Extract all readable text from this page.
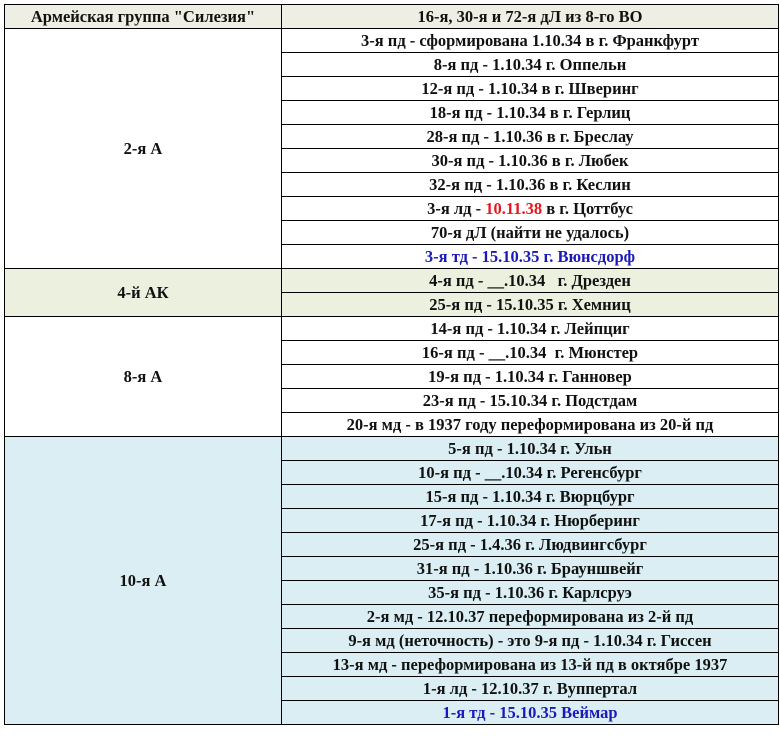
Армейская группа "Силезия"	16-я, 30-я и 72-я дЛ из 8-го ВО
2-я А	3-я пд - сформирована 1.10.34 в г. Франкфурт
	8-я пд - 1.10.34 г. Оппельн
	12-я пд - 1.10.34 в г. Шверинг
	18-я пд - 1.10.34 в г. Герлиц
	28-я пд - 1.10.36 в г. Бреслау
	30-я пд - 1.10.36 в г. Любек
	32-я пд - 1.10.36 в г. Кеслин
	3-я лд - 10.11.38 в г. Цоттбус
	70-я дЛ (найти не удалось)
	3-я тд - 15.10.35 г. Вюнсдорф
4-й АК	4-я пд - __.10.34   г. Дрезден
	25-я пд - 15.10.35 г. Хемниц
8-я А	14-я пд - 1.10.34 г. Лейпциг
	16-я пд - __.10.34  г. Мюнстер
	19-я пд - 1.10.34 г. Ганновер
	23-я пд - 15.10.34 г. Подстдам
	20-я мд - в 1937 году переформирована из 20-й пд
10-я А	5-я пд - 1.10.34 г. Ульн
	10-я пд - __.10.34 г. Регенсбург
	15-я пд - 1.10.34 г. Вюрцбург
	17-я пд - 1.10.34 г. Нюрберинг
	25-я пд - 1.4.36 г. Людвингсбург
	31-я пд - 1.10.36 г. Брауншвейг
	35-я пд - 1.10.36 г. Карлсруэ
	2-я мд - 12.10.37 переформирована из 2-й пд
	9-я мд (неточность) - это 9-я пд - 1.10.34 г. Гиссен
	13-я мд - переформирована из 13-й пд в октябре 1937
	1-я лд - 12.10.37 г. Вуппертал
	1-я тд - 15.10.35 Веймар
